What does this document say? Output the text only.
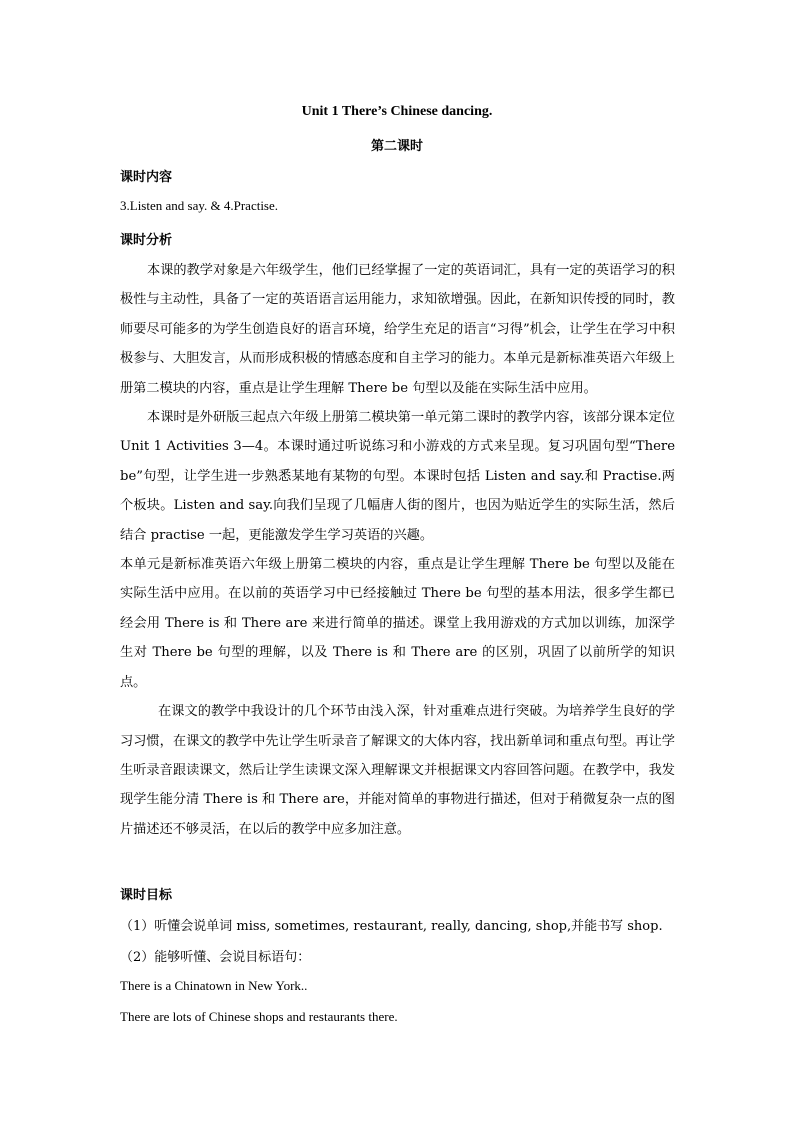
Unit 1 There’s Chinese dancing.
第二课时
课时内容
3.Listen and say. & 4.Practise.
课时分析

本课的教学对象是六年级学生，他们已经掌握了一定的英语词汇，具有一定的英语学习的积极性与主动性，具备了一定的英语语言运用能力，求知欲增强。因此，在新知识传授的同时，教师要尽可能多的为学生创造良好的语言环境，给学生充足的语言“习得”机会，让学生在学习中积极参与、大胆发言，从而形成积极的情感态度和自主学习的能力。本单元是新标准英语六年级上册第二模块的内容，重点是让学生理解 There be 句型以及能在实际生活中应用。

本课时是外研版三起点六年级上册第二模块第一单元第二课时的教学内容，该部分课本定位 Unit 1 Activities 3—4。本课时通过听说练习和小游戏的方式来呈现。复习巩固句型“There be”句型，让学生进一步熟悉某地有某物的句型。本课时包括 Listen and say.和 Practise.两个板块。Listen and say.向我们呈现了几幅唐人街的图片，也因为贴近学生的实际生活，然后结合 practise 一起，更能激发学生学习英语的兴趣。

本单元是新标准英语六年级上册第二模块的内容，重点是让学生理解 There be 句型以及能在实际生活中应用。在以前的英语学习中已经接触过 There be 句型的基本用法，很多学生都已经会用 There is 和 There are 来进行简单的描述。课堂上我用游戏的方式加以训练，加深学生对 There be 句型的理解，以及 There is 和 There are 的区别，巩固了以前所学的知识点。

在课文的教学中我设计的几个环节由浅入深，针对重难点进行突破。为培养学生良好的学习习惯，在课文的教学中先让学生听录音了解课文的大体内容，找出新单词和重点句型。再让学生听录音跟读课文，然后让学生读课文深入理解课文并根据课文内容回答问题。在教学中，我发现学生能分清 There is 和 There are，并能对简单的事物进行描述，但对于稍微复杂一点的图片描述还不够灵活，在以后的教学中应多加注意。

课时目标
（1）听懂会说单词 miss, sometimes, restaurant, really, dancing, shop,并能书写 shop.
（2）能够听懂、会说目标语句：
There is a Chinatown in New York..
There are lots of Chinese shops and restaurants there.
